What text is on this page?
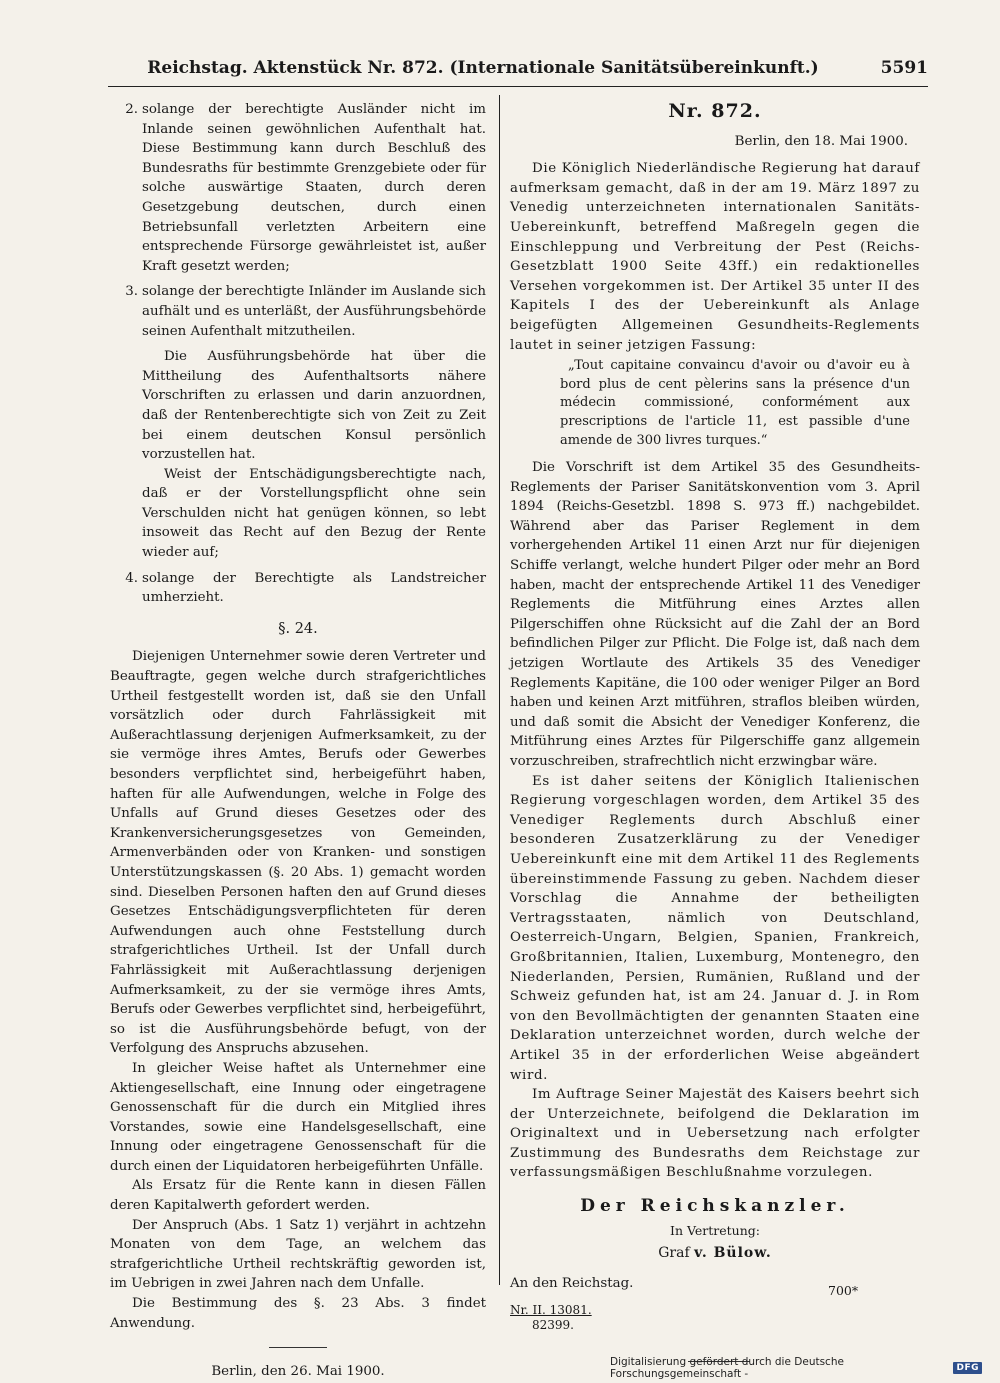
Reichstag. Aktenstück Nr. 872. (Internationale Sanitätsübereinkunft.)	5591
2. solange der berechtigte Ausländer nicht im Inlande seinen gewöhnlichen Aufenthalt hat. Diese Bestimmung kann durch Beschluß des Bundesraths für bestimmte Grenzgebiete oder für solche auswärtige Staaten, durch deren Gesetzgebung deutschen, durch einen Betriebsunfall verletzten Arbeitern eine entsprechende Fürsorge gewährleistet ist, außer Kraft gesetzt werden;
3. solange der berechtigte Inländer im Auslande sich aufhält und es unterläßt, der Ausführungsbehörde seinen Aufenthalt mitzutheilen.

Die Ausführungsbehörde hat über die Mittheilung des Aufenthaltsorts nähere Vorschriften zu erlassen und darin anzuordnen, daß der Rentenberechtigte sich von Zeit zu Zeit bei einem deutschen Konsul persönlich vorzustellen hat.

Weist der Entschädigungsberechtigte nach, daß er der Vorstellungspflicht ohne sein Verschulden nicht hat genügen können, so lebt insoweit das Recht auf den Bezug der Rente wieder auf;

4. solange der Berechtigte als Landstreicher umherzieht.
§. 24.

Diejenigen Unternehmer sowie deren Vertreter und Beauftragte, gegen welche durch strafgerichtliches Urtheil festgestellt worden ist, daß sie den Unfall vorsätzlich oder durch Fahrlässigkeit mit Außerachtlassung derjenigen Aufmerksamkeit, zu der sie vermöge ihres Amtes, Berufs oder Gewerbes besonders verpflichtet sind, herbeigeführt haben, haften für alle Aufwendungen, welche in Folge des Unfalls auf Grund dieses Gesetzes oder des Krankenversicherungsgesetzes von Gemeinden, Armenverbänden oder von Kranken- und sonstigen Unterstützungskassen (§. 20 Abs. 1) gemacht worden sind. Dieselben Personen haften den auf Grund dieses Gesetzes Entschädigungsverpflichteten für deren Aufwendungen auch ohne Feststellung durch strafgerichtliches Urtheil. Ist der Unfall durch Fahrlässigkeit mit Außerachtlassung derjenigen Aufmerksamkeit, zu der sie vermöge ihres Amts, Berufs oder Gewerbes verpflichtet sind, herbeigeführt, so ist die Ausführungsbehörde befugt, von der Verfolgung des Anspruchs abzusehen.

In gleicher Weise haftet als Unternehmer eine Aktiengesellschaft, eine Innung oder eingetragene Genossenschaft für die durch ein Mitglied ihres Vorstandes, sowie eine Handelsgesellschaft, eine Innung oder eingetragene Genossenschaft für die durch einen der Liquidatoren herbeigeführten Unfälle.

Als Ersatz für die Rente kann in diesen Fällen deren Kapitalwerth gefordert werden.

Der Anspruch (Abs. 1 Satz 1) verjährt in achtzehn Monaten von dem Tage, an welchem das strafgerichtliche Urtheil rechtskräftig geworden ist, im Uebrigen in zwei Jahren nach dem Unfalle.

Die Bestimmung des §. 23 Abs. 3 findet Anwendung.

Berlin, den 26. Mai 1900.

Nr. 872.
Berlin, den 18. Mai 1900.

Die Königlich Niederländische Regierung hat darauf aufmerksam gemacht, daß in der am 19. März 1897 zu Venedig unterzeichneten internationalen Sanitäts-Uebereinkunft, betreffend Maßregeln gegen die Einschleppung und Verbreitung der Pest (Reichs-Gesetzblatt 1900 Seite 43ff.) ein redaktionelles Versehen vorgekommen ist. Der Artikel 35 unter II des Kapitels I des der Uebereinkunft als Anlage beigefügten Allgemeinen Gesundheits-Reglements lautet in seiner jetzigen Fassung:

„Tout capitaine convaincu d'avoir ou d'avoir eu à bord plus de cent pèlerins sans la présence d'un médecin commissioné, conformément aux prescriptions de l'article 11, est passible d'une amende de 300 livres turques.“

Die Vorschrift ist dem Artikel 35 des Gesundheits-Reglements der Pariser Sanitätskonvention vom 3. April 1894 (Reichs-Gesetzbl. 1898 S. 973 ff.) nachgebildet. Während aber das Pariser Reglement in dem vorhergehenden Artikel 11 einen Arzt nur für diejenigen Schiffe verlangt, welche hundert Pilger oder mehr an Bord haben, macht der entsprechende Artikel 11 des Venediger Reglements die Mitführung eines Arztes allen Pilgerschiffen ohne Rücksicht auf die Zahl der an Bord befindlichen Pilger zur Pflicht. Die Folge ist, daß nach dem jetzigen Wortlaute des Artikels 35 des Venediger Reglements Kapitäne, die 100 oder weniger Pilger an Bord haben und keinen Arzt mitführen, straflos bleiben würden, und daß somit die Absicht der Venediger Konferenz, die Mitführung eines Arztes für Pilgerschiffe ganz allgemein vorzuschreiben, strafrechtlich nicht erzwingbar wäre.

Es ist daher seitens der Königlich Italienischen Regierung vorgeschlagen worden, dem Artikel 35 des Venediger Reglements durch Abschluß einer besonderen Zusatzerklärung zu der Venediger Uebereinkunft eine mit dem Artikel 11 des Reglements übereinstimmende Fassung zu geben. Nachdem dieser Vorschlag die Annahme der betheiligten Vertragsstaaten, nämlich von Deutschland, Oesterreich-Ungarn, Belgien, Spanien, Frankreich, Großbritannien, Italien, Luxemburg, Montenegro, den Niederlanden, Persien, Rumänien, Rußland und der Schweiz gefunden hat, ist am 24. Januar d. J. in Rom von den Bevollmächtigten der genannten Staaten eine Deklaration unterzeichnet worden, durch welche der Artikel 35 in der erforderlichen Weise abgeändert wird.

Im Auftrage Seiner Majestät des Kaisers beehrt sich der Unterzeichnete, beifolgend die Deklaration im Originaltext und in Uebersetzung nach erfolgter Zustimmung des Bundesraths dem Reichstage zur verfassungsmäßigen Beschlußnahme vorzulegen.

Der Reichskanzler.
In Vertretung:
Graf v. Bülow.
An den Reichstag.
Nr. II. 13081.
82399.
700*
Digitalisierung gefördert durch die Deutsche Forschungsgemeinschaft -	DFG
